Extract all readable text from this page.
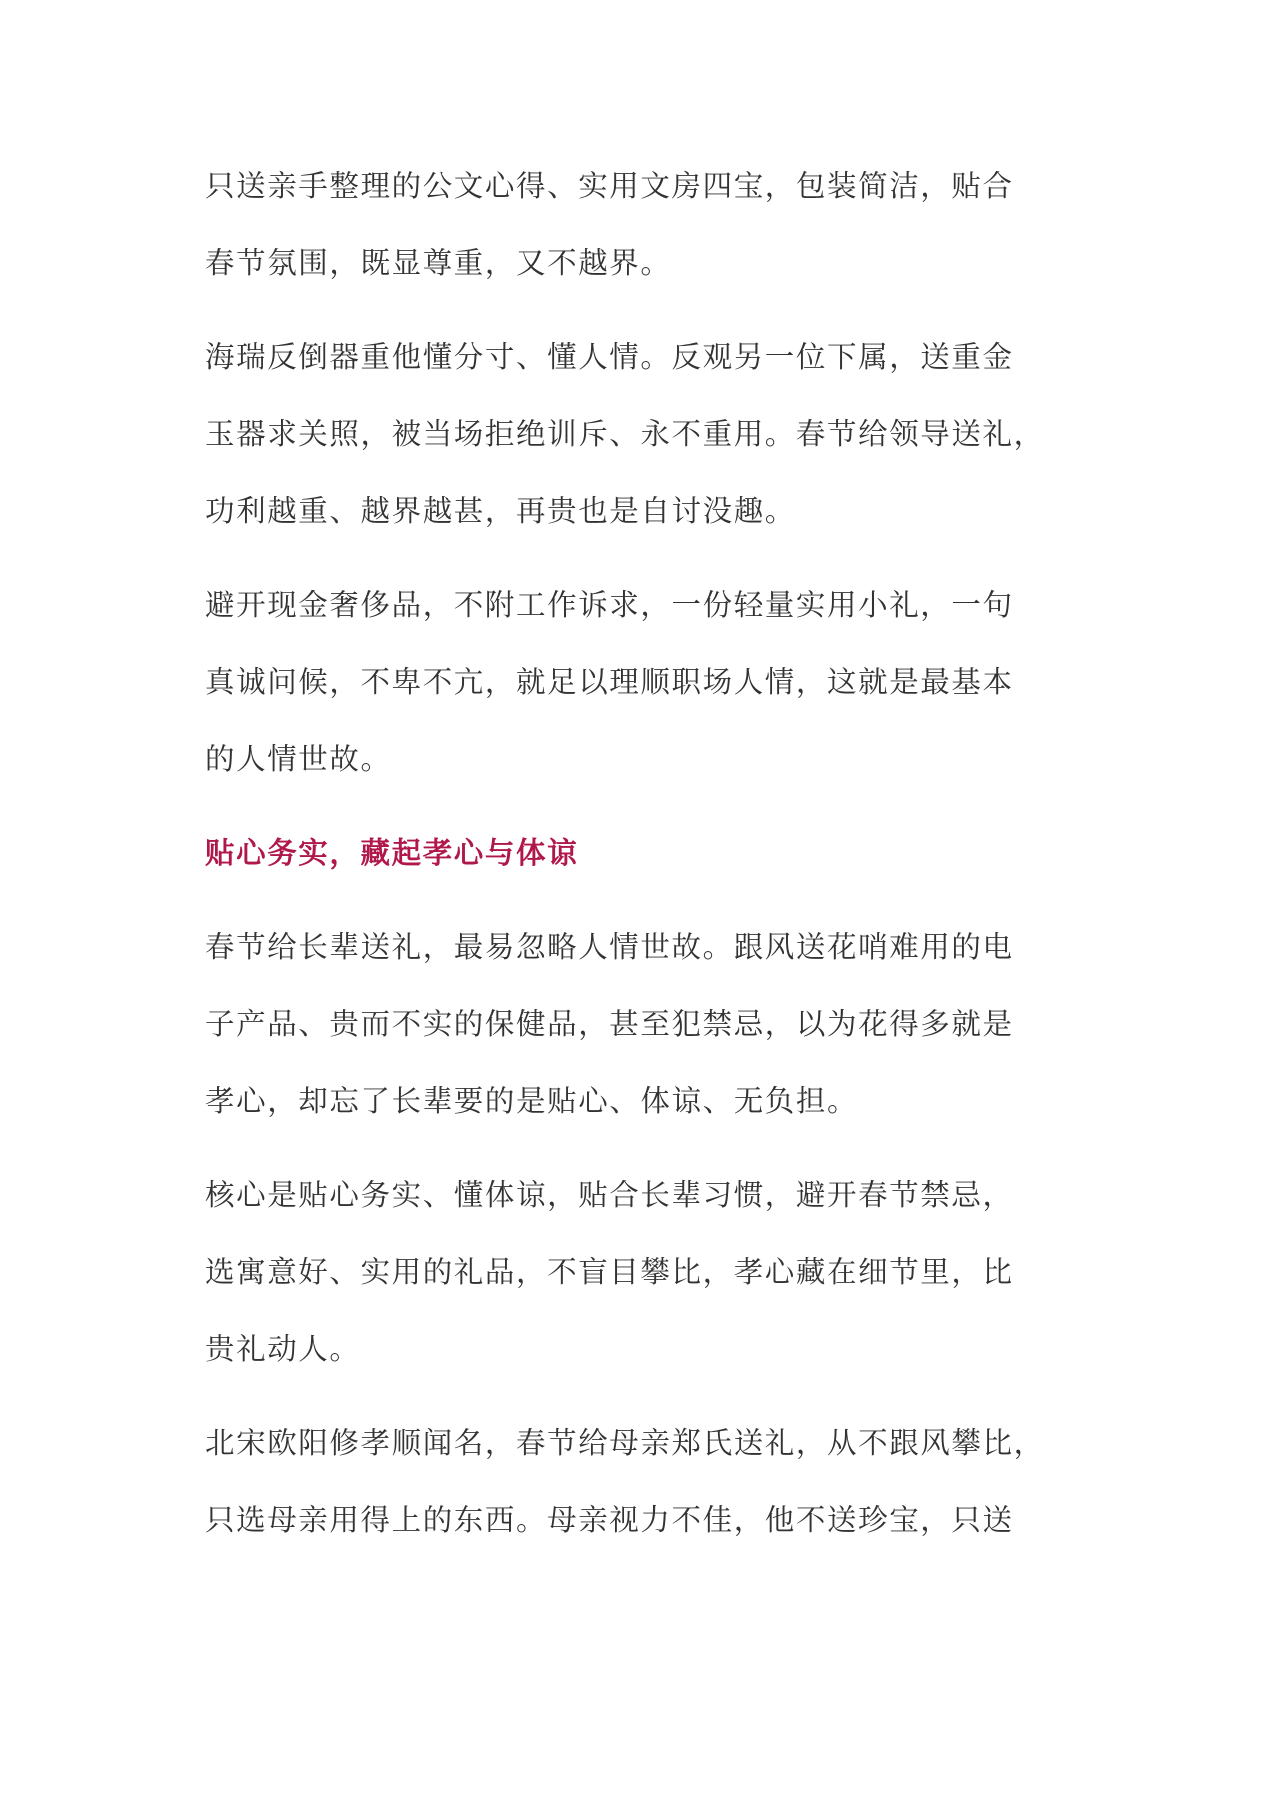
只送亲手整理的公文心得、实用文房四宝，包装简洁，贴合
春节氛围，既显尊重，又不越界。

海瑞反倒器重他懂分寸、懂人情。反观另一位下属，送重金
玉器求关照，被当场拒绝训斥、永不重用。春节给领导送礼，
功利越重、越界越甚，再贵也是自讨没趣。

避开现金奢侈品，不附工作诉求，一份轻量实用小礼，一句
真诚问候，不卑不亢，就足以理顺职场人情，这就是最基本
的人情世故。

贴心务实，藏起孝心与体谅

春节给长辈送礼，最易忽略人情世故。跟风送花哨难用的电
子产品、贵而不实的保健品，甚至犯禁忌，以为花得多就是
孝心，却忘了长辈要的是贴心、体谅、无负担。

核心是贴心务实、懂体谅，贴合长辈习惯，避开春节禁忌，
选寓意好、实用的礼品，不盲目攀比，孝心藏在细节里，比
贵礼动人。

北宋欧阳修孝顺闻名，春节给母亲郑氏送礼，从不跟风攀比，
只选母亲用得上的东西。母亲视力不佳，他不送珍宝，只送
